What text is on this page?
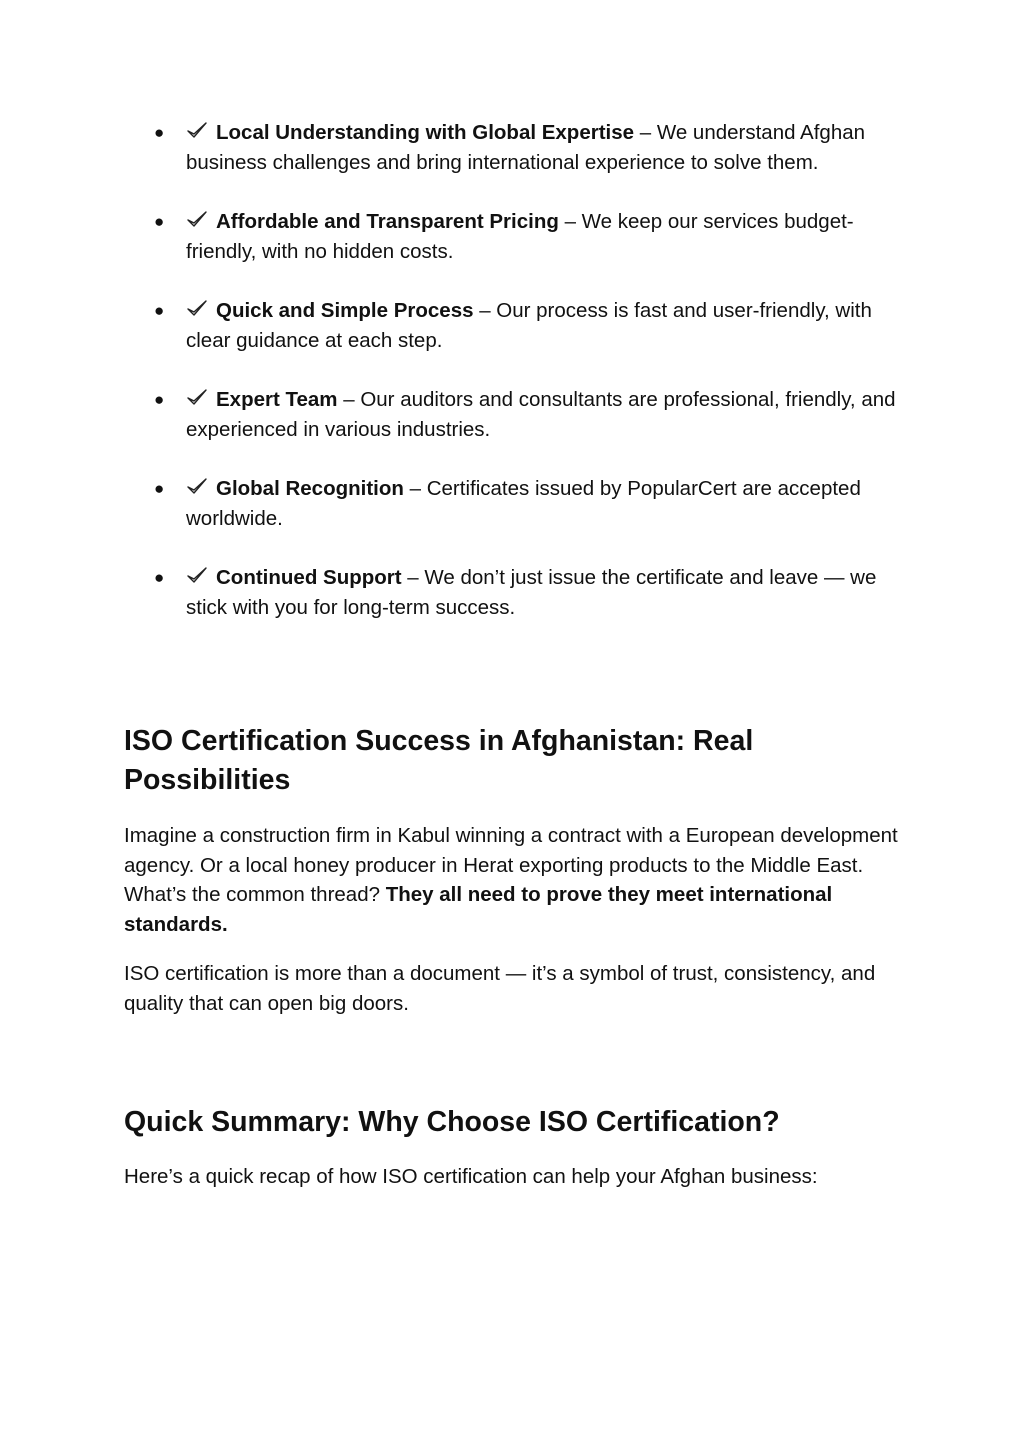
●	Local Understanding with Global Expertise – We understand Afghan business challenges and bring international experience to solve them.
●	Affordable and Transparent Pricing – We keep our services budget-friendly, with no hidden costs.
●	Quick and Simple Process – Our process is fast and user-friendly, with clear guidance at each step.
●	Expert Team – Our auditors and consultants are professional, friendly, and experienced in various industries.
●	Global Recognition – Certificates issued by PopularCert are accepted worldwide.
●	Continued Support – We don’t just issue the certificate and leave — we stick with you for long-term success.
ISO Certification Success in Afghanistan: Real Possibilities

Imagine a construction firm in Kabul winning a contract with a European development agency. Or a local honey producer in Herat exporting products to the Middle East.
What’s the common thread? They all need to prove they meet international standards.

ISO certification is more than a document — it’s a symbol of trust, consistency, and quality that can open big doors.

Quick Summary: Why Choose ISO Certification?

Here’s a quick recap of how ISO certification can help your Afghan business:
